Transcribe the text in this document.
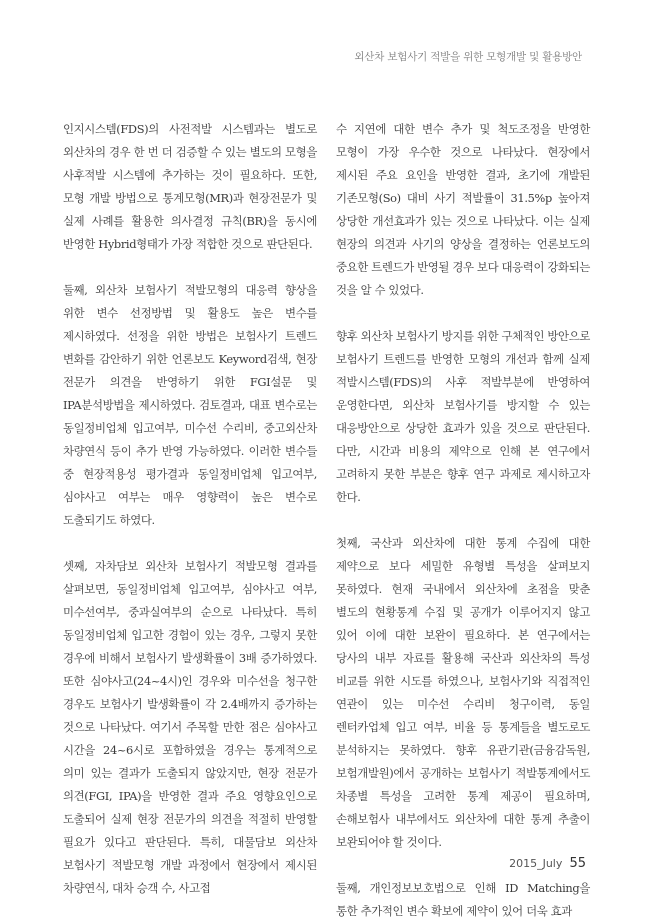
외산차 보험사기 적발을 위한 모형개발 및 활용방안

인지시스템(FDS)의 사전적발 시스템과는 별도로 외산차의 경우 한 번 더 검증할 수 있는 별도의 모형을 사후적발 시스템에 추가하는 것이 필요하다. 또한, 모형 개발 방법으로 통계모형(MR)과 현장전문가 및 실제 사례를 활용한 의사결정 규칙(BR)을 동시에 반영한 Hybrid형태가 가장 적합한 것으로 판단된다.

둘째, 외산차 보험사기 적발모형의 대응력 향상을 위한 변수 선정방법 및 활용도 높은 변수를 제시하였다. 선정을 위한 방법은 보험사기 트렌드 변화를 감안하기 위한 언론보도 Keyword검색, 현장 전문가 의견을 반영하기 위한 FGI설문 및 IPA분석방법을 제시하였다. 검토결과, 대표 변수로는 동일정비업체 입고여부, 미수선 수리비, 중고외산차 차량연식 등이 추가 반영 가능하였다. 이러한 변수들 중 현장적용성 평가결과 동일정비업체 입고여부, 심야사고 여부는 매우 영향력이 높은 변수로 도출되기도 하였다.

셋째, 자차담보 외산차 보험사기 적발모형 결과를 살펴보면, 동일정비업체 입고여부, 심야사고 여부, 미수선여부, 중과실여부의 순으로 나타났다. 특히 동일정비업체 입고한 경험이 있는 경우, 그렇지 못한 경우에 비해서 보험사기 발생확률이 3배 증가하였다. 또한 심야사고(24~4시)인 경우와 미수선을 청구한 경우도 보험사기 발생확률이 각 2.4배까지 증가하는 것으로 나타났다. 여기서 주목할 만한 점은 심야사고 시간을 24~6시로 포함하였을 경우는 통계적으로 의미 있는 결과가 도출되지 않았지만, 현장 전문가 의견(FGI, IPA)을 반영한 결과 주요 영향요인으로 도출되어 실제 현장 전문가의 의견을 적절히 반영할 필요가 있다고 판단된다. 특히, 대물담보 외산차 보험사기 적발모형 개발 과정에서 현장에서 제시된 차량연식, 대차 승객 수, 사고접

수 지연에 대한 변수 추가 및 척도조정을 반영한 모형이 가장 우수한 것으로 나타났다. 현장에서 제시된 주요 요인을 반영한 결과, 초기에 개발된 기존모형(So) 대비 사기 적발률이 31.5%p 높아져 상당한 개선효과가 있는 것으로 나타났다. 이는 실제 현장의 의견과 사기의 양상을 결정하는 언론보도의 중요한 트렌드가 반영될 경우 보다 대응력이 강화되는 것을 알 수 있었다.

향후 외산차 보험사기 방지를 위한 구체적인 방안으로 보험사기 트렌드를 반영한 모형의 개선과 함께 실제 적발시스템(FDS)의 사후 적발부분에 반영하여 운영한다면, 외산차 보험사기를 방지할 수 있는 대응방안으로 상당한 효과가 있을 것으로 판단된다. 다만, 시간과 비용의 제약으로 인해 본 연구에서 고려하지 못한 부분은 향후 연구 과제로 제시하고자 한다.

첫째, 국산과 외산차에 대한 통계 수집에 대한 제약으로 보다 세밀한 유형별 특성을 살펴보지 못하였다. 현재 국내에서 외산차에 초점을 맞춘 별도의 현황통계 수집 및 공개가 이루어지지 않고 있어 이에 대한 보완이 필요하다. 본 연구에서는 당사의 내부 자료를 활용해 국산과 외산차의 특성 비교를 위한 시도를 하였으나, 보험사기와 직접적인 연관이 있는 미수선 수리비 청구이력, 동일 렌터카업체 입고 여부, 비율 등 통계들을 별도로도 분석하지는 못하였다. 향후 유관기관(금융감독원, 보험개발원)에서 공개하는 보험사기 적발통계에서도 차종별 특성을 고려한 통계 제공이 필요하며, 손해보험사 내부에서도 외산차에 대한 통계 추출이 보완되어야 할 것이다.

둘째, 개인정보보호법으로 인해 ID Matching을 통한 추가적인 변수 확보에 제약이 있어 더욱 효과

2015_July 55
